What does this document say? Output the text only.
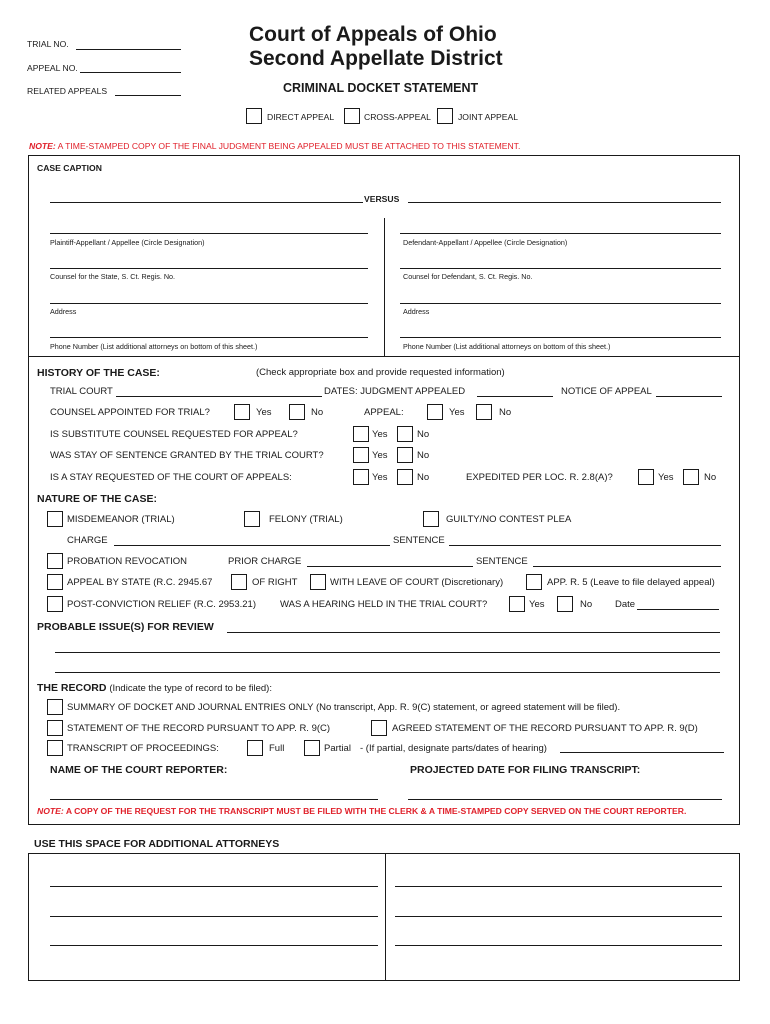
TRIAL NO.
APPEAL NO.
RELATED APPEALS
Court of Appeals of Ohio
Second Appellate District
CRIMINAL DOCKET STATEMENT
DIRECT APPEAL	CROSS-APPEAL	JOINT APPEAL
NOTE: A TIME-STAMPED COPY OF THE FINAL JUDGMENT BEING APPEALED MUST BE ATTACHED TO THIS STATEMENT.
CASE CAPTION
VERSUS
Plaintiff-Appellant / Appellee (Circle Designation)	Defendant-Appellant / Appellee (Circle Designation)
Counsel for the State, S. Ct. Regis. No.	Counsel for Defendant, S. Ct. Regis. No.
Address	Address
Phone Number (List additional attorneys on bottom of this sheet.)	Phone Number (List additional attorneys on bottom of this sheet.)
HISTORY OF THE CASE:	(Check appropriate box and provide requested information)
TRIAL COURT	DATES: JUDGMENT APPEALED	NOTICE OF APPEAL
COUNSEL APPOINTED FOR TRIAL?	Yes	No	APPEAL:	Yes	No
IS SUBSTITUTE COUNSEL REQUESTED FOR APPEAL?	Yes	No
WAS STAY OF SENTENCE GRANTED BY THE TRIAL COURT?	Yes	No
IS A STAY REQUESTED OF THE COURT OF APPEALS:	Yes	No	EXPEDITED PER LOC. R. 2.8(A)?	Yes	No
NATURE OF THE CASE:
MISDEMEANOR (TRIAL)	FELONY (TRIAL)	GUILTY/NO CONTEST PLEA
CHARGE	SENTENCE
PROBATION REVOCATION	PRIOR CHARGE	SENTENCE
APPEAL BY STATE (R.C. 2945.67	OF RIGHT	WITH LEAVE OF COURT (Discretionary)	APP. R. 5 (Leave to file delayed appeal)
POST-CONVICTION RELIEF (R.C. 2953.21)	WAS A HEARING HELD IN THE TRIAL COURT?	Yes	No Date
PROBABLE ISSUE(S) FOR REVIEW
THE RECORD (Indicate the type of record to be filed):
SUMMARY OF DOCKET AND JOURNAL ENTRIES ONLY (No transcript, App. R. 9(C) statement, or agreed statement will be filed).
STATEMENT OF THE RECORD PURSUANT TO APP. R. 9(C)	AGREED STATEMENT OF THE RECORD PURSUANT TO APP. R. 9(D)
TRANSCRIPT OF PROCEEDINGS:	Full	Partial - (If partial, designate parts/dates of hearing)
NAME OF THE COURT REPORTER:	PROJECTED DATE FOR FILING TRANSCRIPT:
NOTE: A COPY OF THE REQUEST FOR THE TRANSCRIPT MUST BE FILED WITH THE CLERK & A TIME-STAMPED COPY SERVED ON THE COURT REPORTER.
USE THIS SPACE FOR ADDITIONAL ATTORNEYS
